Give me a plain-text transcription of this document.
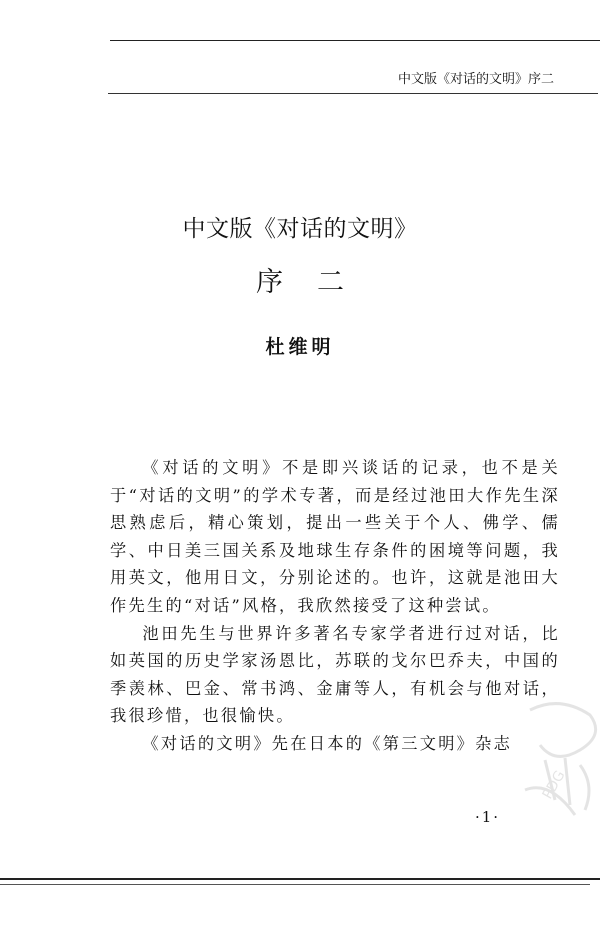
中文版《对话的文明》序二
中文版《对话的文明》
序二
杜维明

《对话的文明》不是即兴谈话的记录，也不是关于“对话的文明”的学术专著，而是经过池田大作先生深思熟虑后，精心策划，提出一些关于个人、佛学、儒学、中日美三国关系及地球生存条件的困境等问题，我用英文，他用日文，分别论述的。也许，这就是池田大作先生的“对话”风格，我欣然接受了这种尝试。

池田先生与世界许多著名专家学者进行过对话，比如英国的历史学家汤恩比，苏联的戈尔巴乔夫，中国的季羡林、巴金、常书鸿、金庸等人，有机会与他对话，我很珍惜，也很愉快。

《对话的文明》先在日本的《第三文明》杂志

·1·
PDG
